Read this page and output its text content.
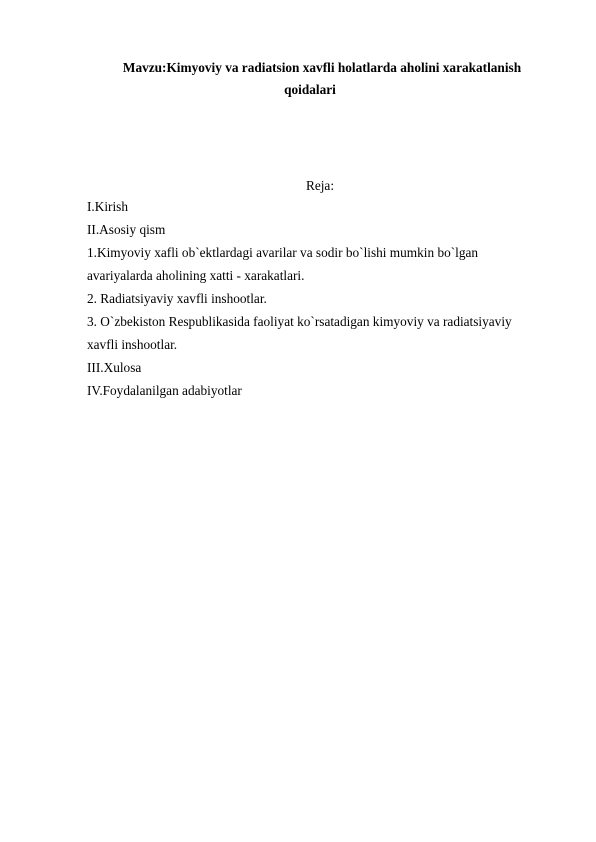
Mavzu:Kimyoviy va radiatsion xavfli holatlarda aholini xarakatlanish
qoidalari
Reja:
I.Kirish
II.Asosiy qism
1.Kimyoviy xafli ob`ektlardagi avarilar va sodir bo`lishi mumkin bo`lgan
avariyalarda aholining xatti - xarakatlari.
2. Radiatsiyaviy xavfli inshootlar.
3. O`zbekiston Respublikasida faoliyat ko`rsatadigan kimyoviy va radiatsiyaviy
xavfli inshootlar.
III.Xulosa
IV.Foydalanilgan adabiyotlar
